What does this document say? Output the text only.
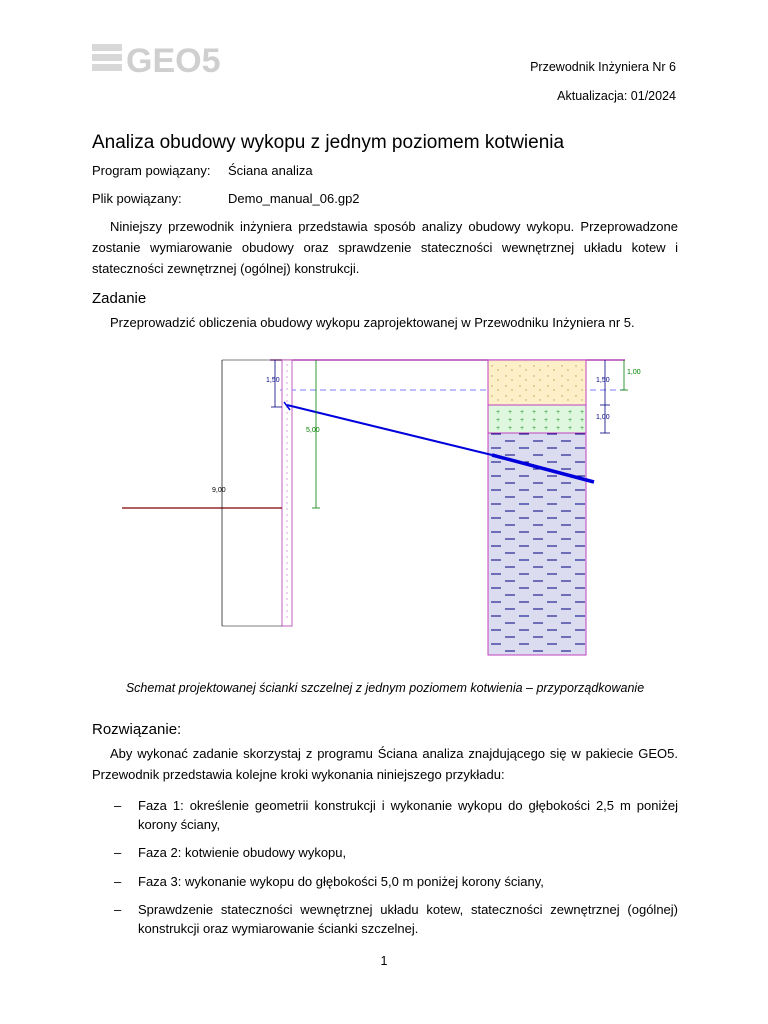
GEO5	Przewodnik Inżyniera Nr 6
Aktualizacja: 01/2024
Analiza obudowy wykopu z jednym poziomem kotwienia
Program powiązany: Ściana analiza
Plik powiązany:	Demo_manual_06.gp2
Niniejszy przewodnik inżyniera przedstawia sposób analizy obudowy wykopu. Przeprowadzone zostanie wymiarowanie obudowy oraz sprawdzenie stateczności wewnętrznej układu kotew i stateczności zewnętrznej (ogólnej) konstrukcji.
Zadanie
Przeprowadzić obliczenia obudowy wykopu zaprojektowanej w Przewodniku Inżyniera nr 5.
9,00
1,50
5,00
1,50
1,00
1,00
Schemat projektowanej ścianki szczelnej z jednym poziomem kotwienia – przyporządkowanie
Rozwiązanie:
Aby wykonać zadanie skorzystaj z programu Ściana analiza znajdującego się w pakiecie GEO5. Przewodnik przedstawia kolejne kroki wykonania niniejszego przykładu:
– Faza 1: określenie geometrii konstrukcji i wykonanie wykopu do głębokości 2,5 m poniżej korony ściany,
– Faza 2: kotwienie obudowy wykopu,
– Faza 3: wykonanie wykopu do głębokości 5,0 m poniżej korony ściany,
– Sprawdzenie stateczności wewnętrznej układu kotew, stateczności zewnętrznej (ogólnej) konstrukcji oraz wymiarowanie ścianki szczelnej.
1
